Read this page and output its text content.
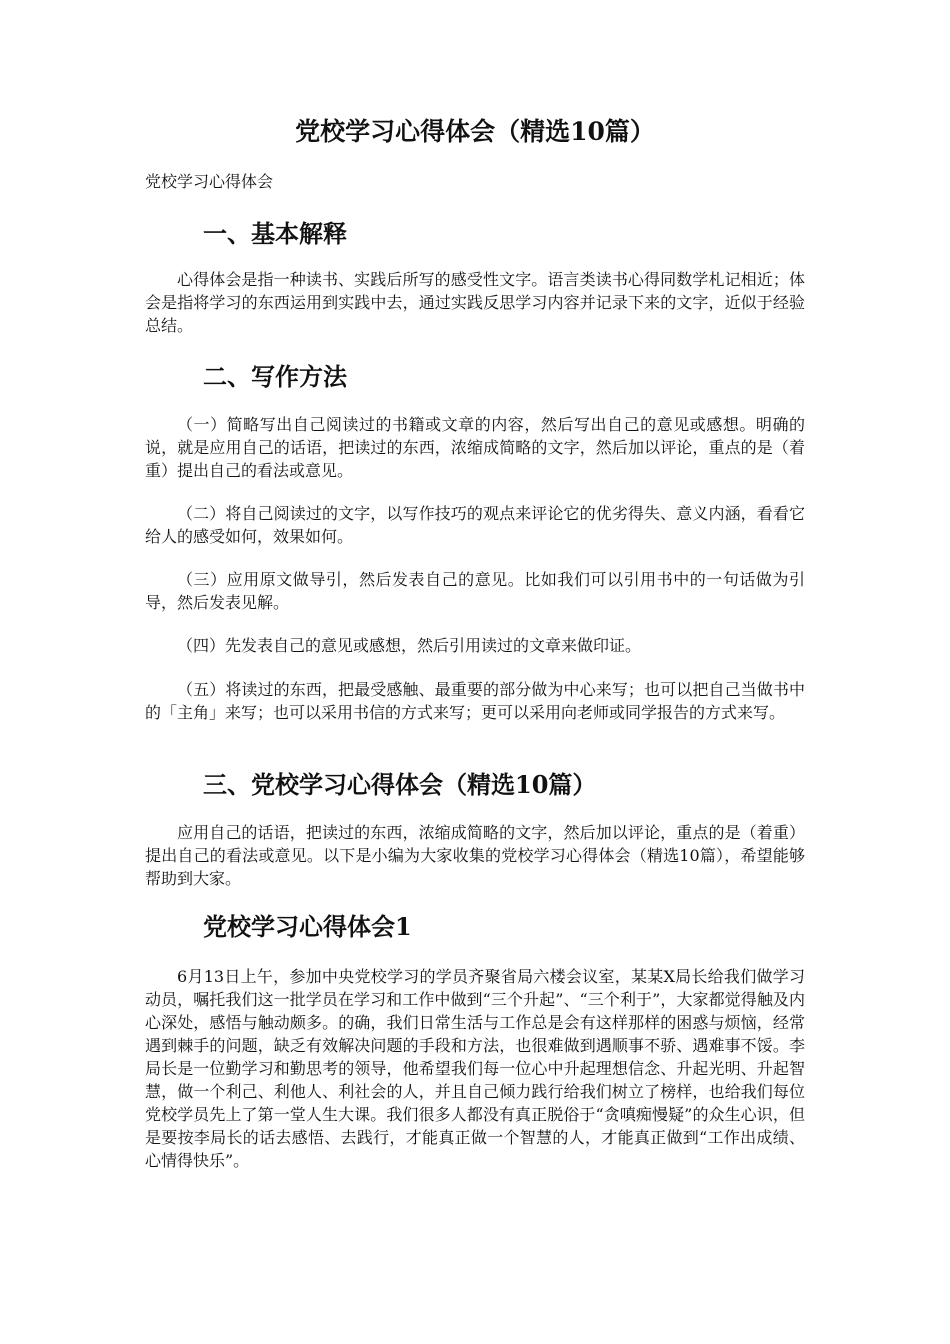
党校学习心得体会（精选10篇）

党校学习心得体会

一、基本解释

心得体会是指一种读书、实践后所写的感受性文字。语言类读书心得同数学札记相近；体会是指将学习的东西运用到实践中去，通过实践反思学习内容并记录下来的文字，近似于经验总结。

二、写作方法

（一）简略写出自己阅读过的书籍或文章的内容，然后写出自己的意见或感想。明确的说，就是应用自己的话语，把读过的东西，浓缩成简略的文字，然后加以评论，重点的是（着重）提出自己的看法或意见。

（二）将自己阅读过的文字，以写作技巧的观点来评论它的优劣得失、意义内涵，看看它给人的感受如何，效果如何。

（三）应用原文做导引，然后发表自己的意见。比如我们可以引用书中的一句话做为引导，然后发表见解。

（四）先发表自己的意见或感想，然后引用读过的文章来做印证。

（五）将读过的东西，把最受感触、最重要的部分做为中心来写；也可以把自己当做书中的「主角」来写；也可以采用书信的方式来写；更可以采用向老师或同学报告的方式来写。

三、党校学习心得体会（精选10篇）

应用自己的话语，把读过的东西，浓缩成简略的文字，然后加以评论，重点的是（着重）提出自己的看法或意见。以下是小编为大家收集的党校学习心得体会（精选10篇），希望能够帮助到大家。

党校学习心得体会1

6月13日上午，参加中央党校学习的学员齐聚省局六楼会议室，某某X局长给我们做学习动员，嘱托我们这一批学员在学习和工作中做到“三个升起”、“三个利于”，大家都觉得触及内心深处，感悟与触动颇多。的确，我们日常生活与工作总是会有这样那样的困惑与烦恼，经常遇到棘手的问题，缺乏有效解决问题的手段和方法，也很难做到遇顺事不骄、遇难事不馁。李局长是一位勤学习和勤思考的领导，他希望我们每一位心中升起理想信念、升起光明、升起智慧，做一个利己、利他人、利社会的人，并且自己倾力践行给我们树立了榜样，也给我们每位党校学员先上了第一堂人生大课。我们很多人都没有真正脱俗于“贪嗔痴慢疑”的众生心识，但是要按李局长的话去感悟、去践行，才能真正做一个智慧的人，才能真正做到“工作出成绩、心情得快乐”。
